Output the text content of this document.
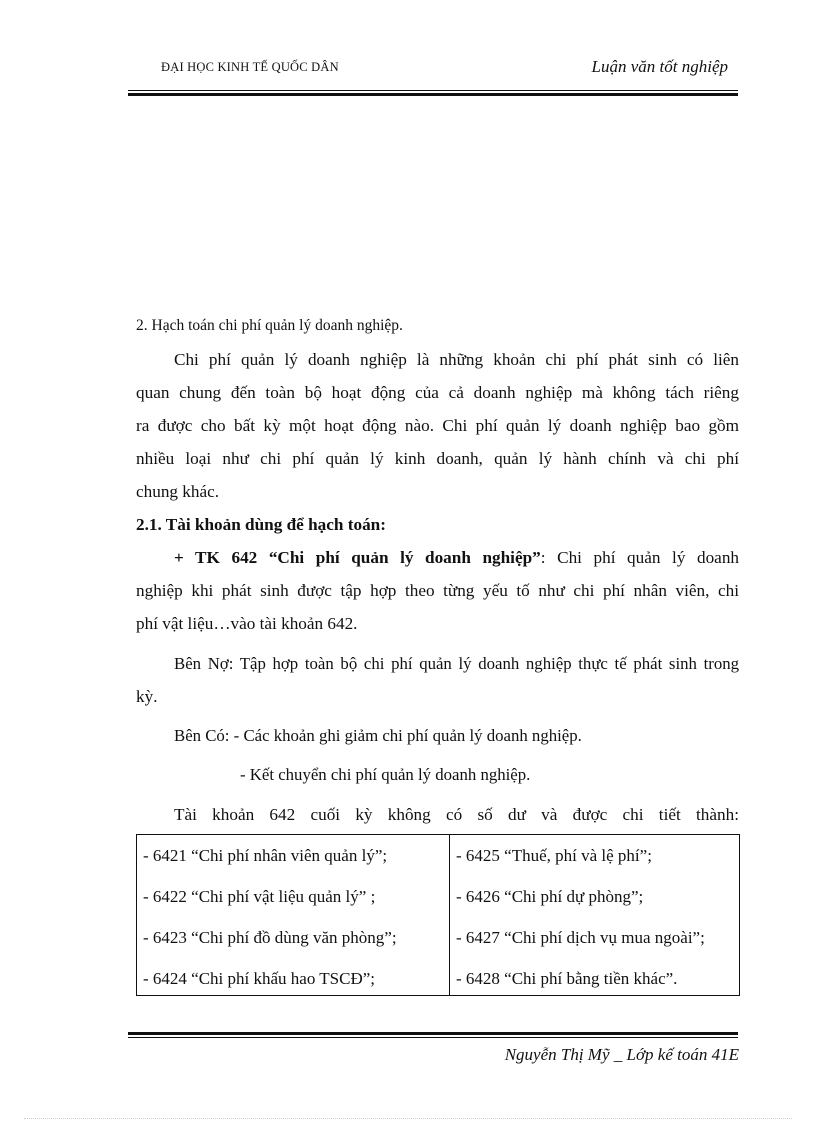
ĐẠI HỌC KINH TẾ QUỐC DÂN	Luận văn tốt nghiệp
2. Hạch toán chi phí quản lý doanh nghiệp.
Chi phí quản lý doanh nghiệp là những khoản chi phí phát sinh có liên
quan chung đến toàn bộ hoạt động của cả doanh nghiệp mà không tách riêng
ra được cho bất kỳ một hoạt động nào. Chi phí quản lý doanh nghiệp bao gồm
nhiều loại như chi phí quản lý kinh doanh, quản lý hành chính và chi phí
chung khác.
2.1. Tài khoản dùng để hạch toán:
+ TK 642 “Chi phí quản lý doanh nghiệp”: Chi phí quản lý doanh
nghiệp khi phát sinh được tập hợp theo từng yếu tố như chi phí nhân viên, chi
phí vật liệu…vào tài khoản 642.
Bên Nợ: Tập hợp toàn bộ chi phí quản lý doanh nghiệp thực tế phát sinh trong
kỳ.
Bên Có: - Các khoản ghi giảm chi phí quản lý doanh nghiệp.
- Kết chuyển chi phí quản lý doanh nghiệp.
Tài khoản 642 cuối kỳ không có số dư và được chi tiết thành:
- 6421 “Chi phí nhân viên quản lý”;
- 6422 “Chi phí vật liệu quản lý” ;
- 6423 “Chi phí đồ dùng văn phòng”;
- 6424 “Chi phí khấu hao TSCĐ”;
- 6425 “Thuế, phí và lệ phí”;
- 6426 “Chi phí dự phòng”;
- 6427 “Chi phí dịch vụ mua ngoài”;
- 6428 “Chi phí bằng tiền khác”.
Nguyễn Thị Mỹ _ Lớp kế toán 41E
